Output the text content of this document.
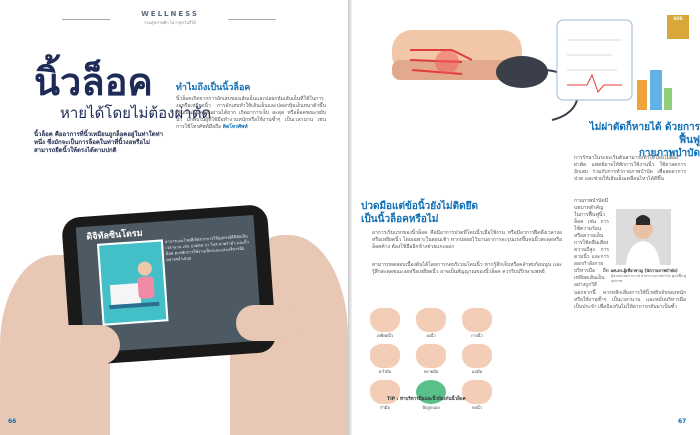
WELLNESS
รวมสุขภาพดีๆ ไม่ว่าทุกวันก็ได้
นิ้วล็อค
หายได้โดยไม่ต้องผ่าตัด
นิ้วล็อค คืออาการที่นิ้วเหมือนถูกล็อคอยู่ในท่าใดท่าหนึ่ง ซึ่งมักจะเป็นการล็อคในท่าที่นิ้วงอหรือไม่สามารถยืดนิ้วให้ตรงได้ตามปกติ
ทำไมถึงเป็นนิ้วล็อค
นิ้วล็อคเกิดจากการอักเสบของเส้นเอ็นและปลอกหุ้มเส้นเอ็นที่ใช้ในการงอหรือเหยียดนิ้ว การอักเสบทำให้เส้นเอ็นและปลอกหุ้มเอ็นหนาตัวขึ้น เส้นเอ็นจึงเคลื่อนผ่านได้ยาก เกิดอาการเจ็บ สะดุด หรือล็อคขณะขยับนิ้ว มักพบในผู้ที่ใช้มือทำงานหนักหรือใช้งานซ้ำๆ เป็นเวลานาน เช่น การใช้โทรศัพท์มือถือ ติดโทรศัพท์
ดิจิทัลซินโดรม	อาการและโรคที่เกิดจากการใช้อุปกรณ์ดิจิทัลเป็นเวลานาน เช่น ปวดคอ บ่า ไหล่ ตาพร่ามัว และนิ้วล็อค ควรพักการใช้งานเป็นระยะและบริหารมืออย่างสม่ำเสมอ
66
SOS
ไม่ผ่าตัดก็หายได้ ด้วยการฟื้นฟู
กายภาพบำบัด
ปวดมือแต่ข้อนิ้วยังไม่ติดยึด
เป็นนิ้วล็อคหรือไม่
อาการเริ่มแรกของนิ้วล็อค คือมีอาการปวดที่โคนนิ้วเมื่อใช้งาน หรือมีอาการฝืดตึงเวลางอหรือเหยียดนิ้ว โดยเฉพาะในตอนเช้า หากปล่อยไว้นานอาการจะรุนแรงขึ้นจนนิ้วสะดุดหรือล็อคค้าง ต้องใช้มืออีกข้างช่วยแกะออก
สามารถทดสอบเบื้องต้นได้โดยการกดบริเวณโคนนิ้ว หากรู้สึกเจ็บหรือคลำพบก้อนนูน และรู้สึกสะดุดขณะงอหรือเหยียดนิ้ว อาจเป็นสัญญาณของนิ้วล็อค ควรรีบปรึกษาแพทย์
การรักษาในระยะเริ่มต้นสามารถทำได้โดยไม่ต้องผ่าตัด แพทย์อาจให้พักการใช้งานนิ้ว ใช้ยาลดการอักเสบ ร่วมกับการทำกายภาพบำบัด เพื่อลดอาการปวด และช่วยให้เส้นเอ็นเคลื่อนไหวได้ดีขึ้น
กายภาพบำบัดมีบทบาทสำคัญในการฟื้นฟูนิ้วล็อค เช่น การใช้ความร้อนหรือความเย็น การใช้คลื่นเสียงความถี่สูง การดามนิ้ว และการออกกำลังกายบริหารมือ ยืดเหยียดเส้นเอ็นอย่างถูกวิธี
ผศ.ดร.ผู้เชี่ยวชาญ (นักกายภาพบำบัด)
ผู้ช่วยศาสตราจารย์ สาขากายภาพบำบัด ศูนย์ฟื้นฟูสุขภาพ
นอกจากนี้ ควรหลีกเลี่ยงการใช้นิ้วหยิบจับของหนัก หรือใช้งานซ้ำๆ เป็นเวลานาน และหมั่นบริหารมือเป็นประจำ เพื่อป้องกันไม่ให้อาการกลับมาเป็นซ้ำ
เหยียดนิ้ว	งอนิ้ว	กางนิ้ว
คว่ำมือ	หงายมือ	แบมือ
กำมือ	บีบลูกบอล	กดนิ้ว
TIP : ท่าบริหารมือและนิ้วป้องกันนิ้วล็อค
67
